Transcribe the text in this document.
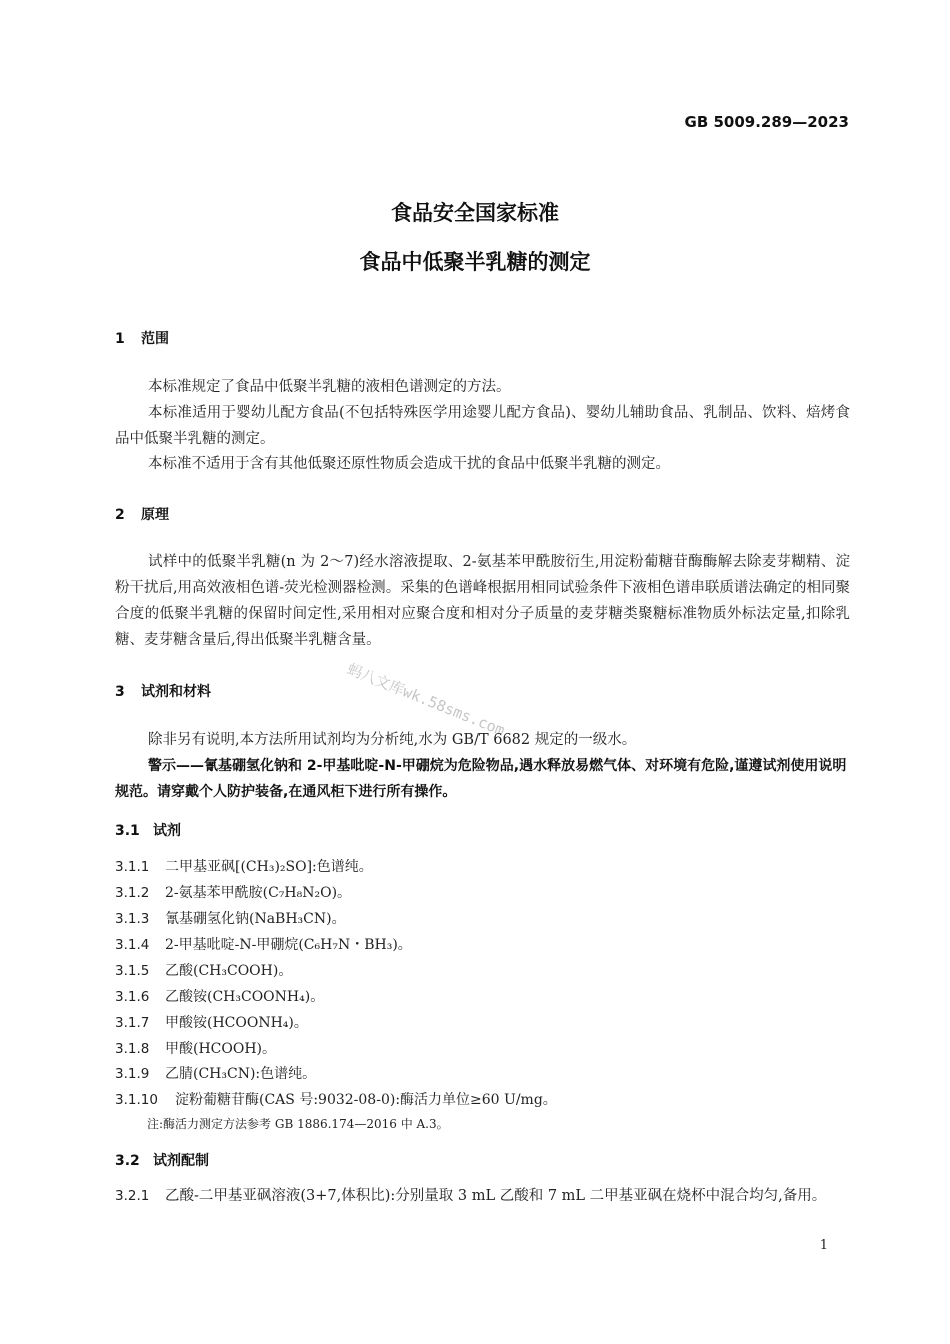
GB 5009.289—2023
食品安全国家标准
食品中低聚半乳糖的测定
1 范围
本标准规定了食品中低聚半乳糖的液相色谱测定的方法。
本标准适用于婴幼儿配方食品(不包括特殊医学用途婴儿配方食品)、婴幼儿辅助食品、乳制品、饮料、焙烤食品中低聚半乳糖的测定。
本标准不适用于含有其他低聚还原性物质会造成干扰的食品中低聚半乳糖的测定。
2 原理
试样中的低聚半乳糖(n 为 2～7)经水溶液提取、2-氨基苯甲酰胺衍生,用淀粉葡糖苷酶酶解去除麦芽糊精、淀粉干扰后,用高效液相色谱-荧光检测器检测。采集的色谱峰根据用相同试验条件下液相色谱串联质谱法确定的相同聚合度的低聚半乳糖的保留时间定性,采用相对应聚合度和相对分子质量的麦芽糖类聚糖标准物质外标法定量,扣除乳糖、麦芽糖含量后,得出低聚半乳糖含量。
蚂八文库wk.58sms.com
3 试剂和材料
除非另有说明,本方法所用试剂均为分析纯,水为 GB/T 6682 规定的一级水。
警示——氰基硼氢化钠和 2-甲基吡啶-N-甲硼烷为危险物品,遇水释放易燃气体、对环境有危险,谨遵试剂使用说明规范。请穿戴个人防护装备,在通风柜下进行所有操作。
3.1 试剂
3.1.1 二甲基亚砜[(CH₃)₂SO]:色谱纯。
3.1.2 2-氨基苯甲酰胺(C₇H₈N₂O)。
3.1.3 氰基硼氢化钠(NaBH₃CN)。
3.1.4 2-甲基吡啶-N-甲硼烷(C₆H₇N・BH₃)。
3.1.5 乙酸(CH₃COOH)。
3.1.6 乙酸铵(CH₃COONH₄)。
3.1.7 甲酸铵(HCOONH₄)。
3.1.8 甲酸(HCOOH)。
3.1.9 乙腈(CH₃CN):色谱纯。
3.1.10 淀粉葡糖苷酶(CAS 号:9032-08-0):酶活力单位≥60 U/mg。
注:酶活力测定方法参考 GB 1886.174—2016 中 A.3。
3.2 试剂配制
3.2.1 乙酸-二甲基亚砜溶液(3+7,体积比):分别量取 3 mL 乙酸和 7 mL 二甲基亚砜在烧杯中混合均匀,备用。
1
